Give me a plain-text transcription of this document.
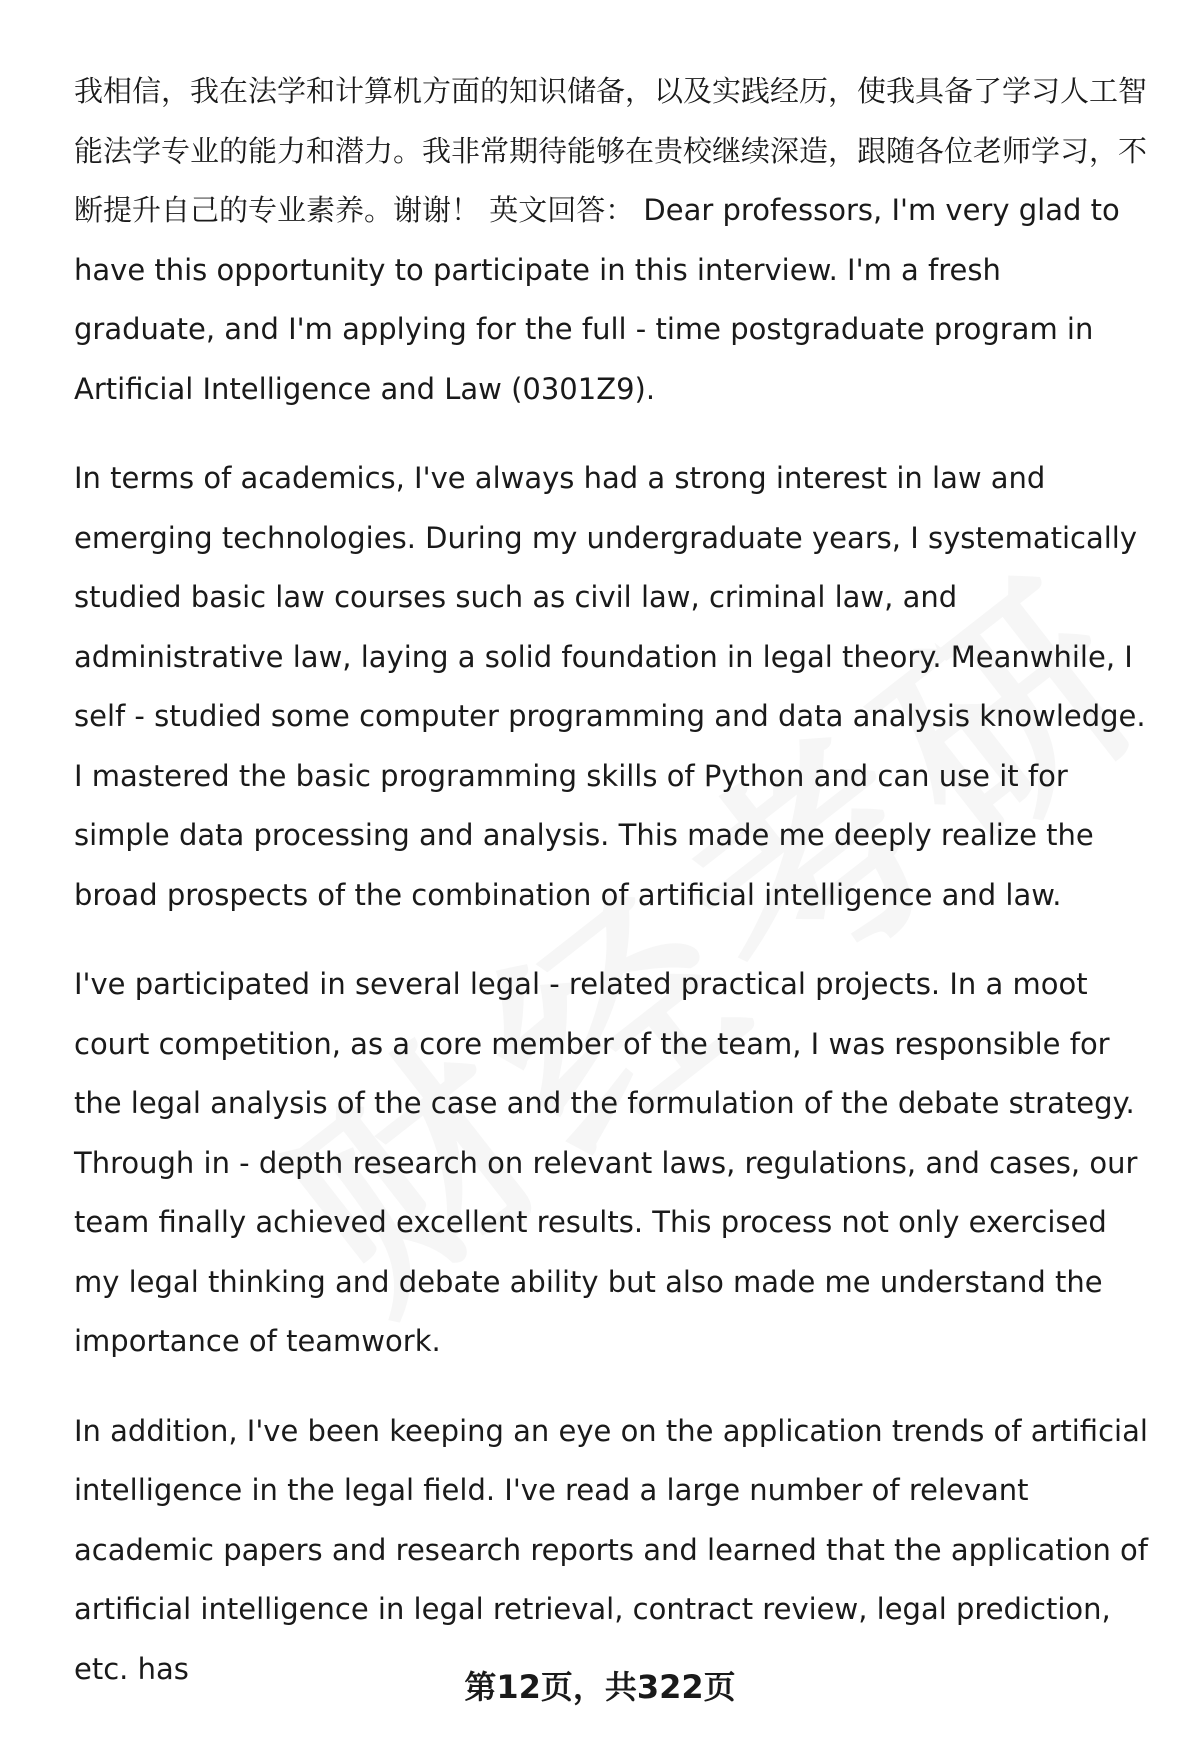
我相信，我在法学和计算机方面的知识储备，以及实践经历，使我具备了学习人工智能法学专业的能力和潜力。我非常期待能够在贵校继续深造，跟随各位老师学习，不断提升自己的专业素养。谢谢！ 英文回答： Dear professors, I'm very glad to have this opportunity to participate in this interview. I'm a fresh graduate, and I'm applying for the full - time postgraduate program in Artificial Intelligence and Law (0301Z9).

In terms of academics, I've always had a strong interest in law and emerging technologies. During my undergraduate years, I systematically studied basic law courses such as civil law, criminal law, and administrative law, laying a solid foundation in legal theory. Meanwhile, I self - studied some computer programming and data analysis knowledge. I mastered the basic programming skills of Python and can use it for simple data processing and analysis. This made me deeply realize the broad prospects of the combination of artificial intelligence and law.

I've participated in several legal - related practical projects. In a moot court competition, as a core member of the team, I was responsible for the legal analysis of the case and the formulation of the debate strategy. Through in - depth research on relevant laws, regulations, and cases, our team finally achieved excellent results. This process not only exercised my legal thinking and debate ability but also made me understand the importance of teamwork.

In addition, I've been keeping an eye on the application trends of artificial intelligence in the legal field. I've read a large number of relevant academic papers and research reports and learned that the application of artificial intelligence in legal retrieval, contract review, legal prediction, etc. has	第12页，共322页
